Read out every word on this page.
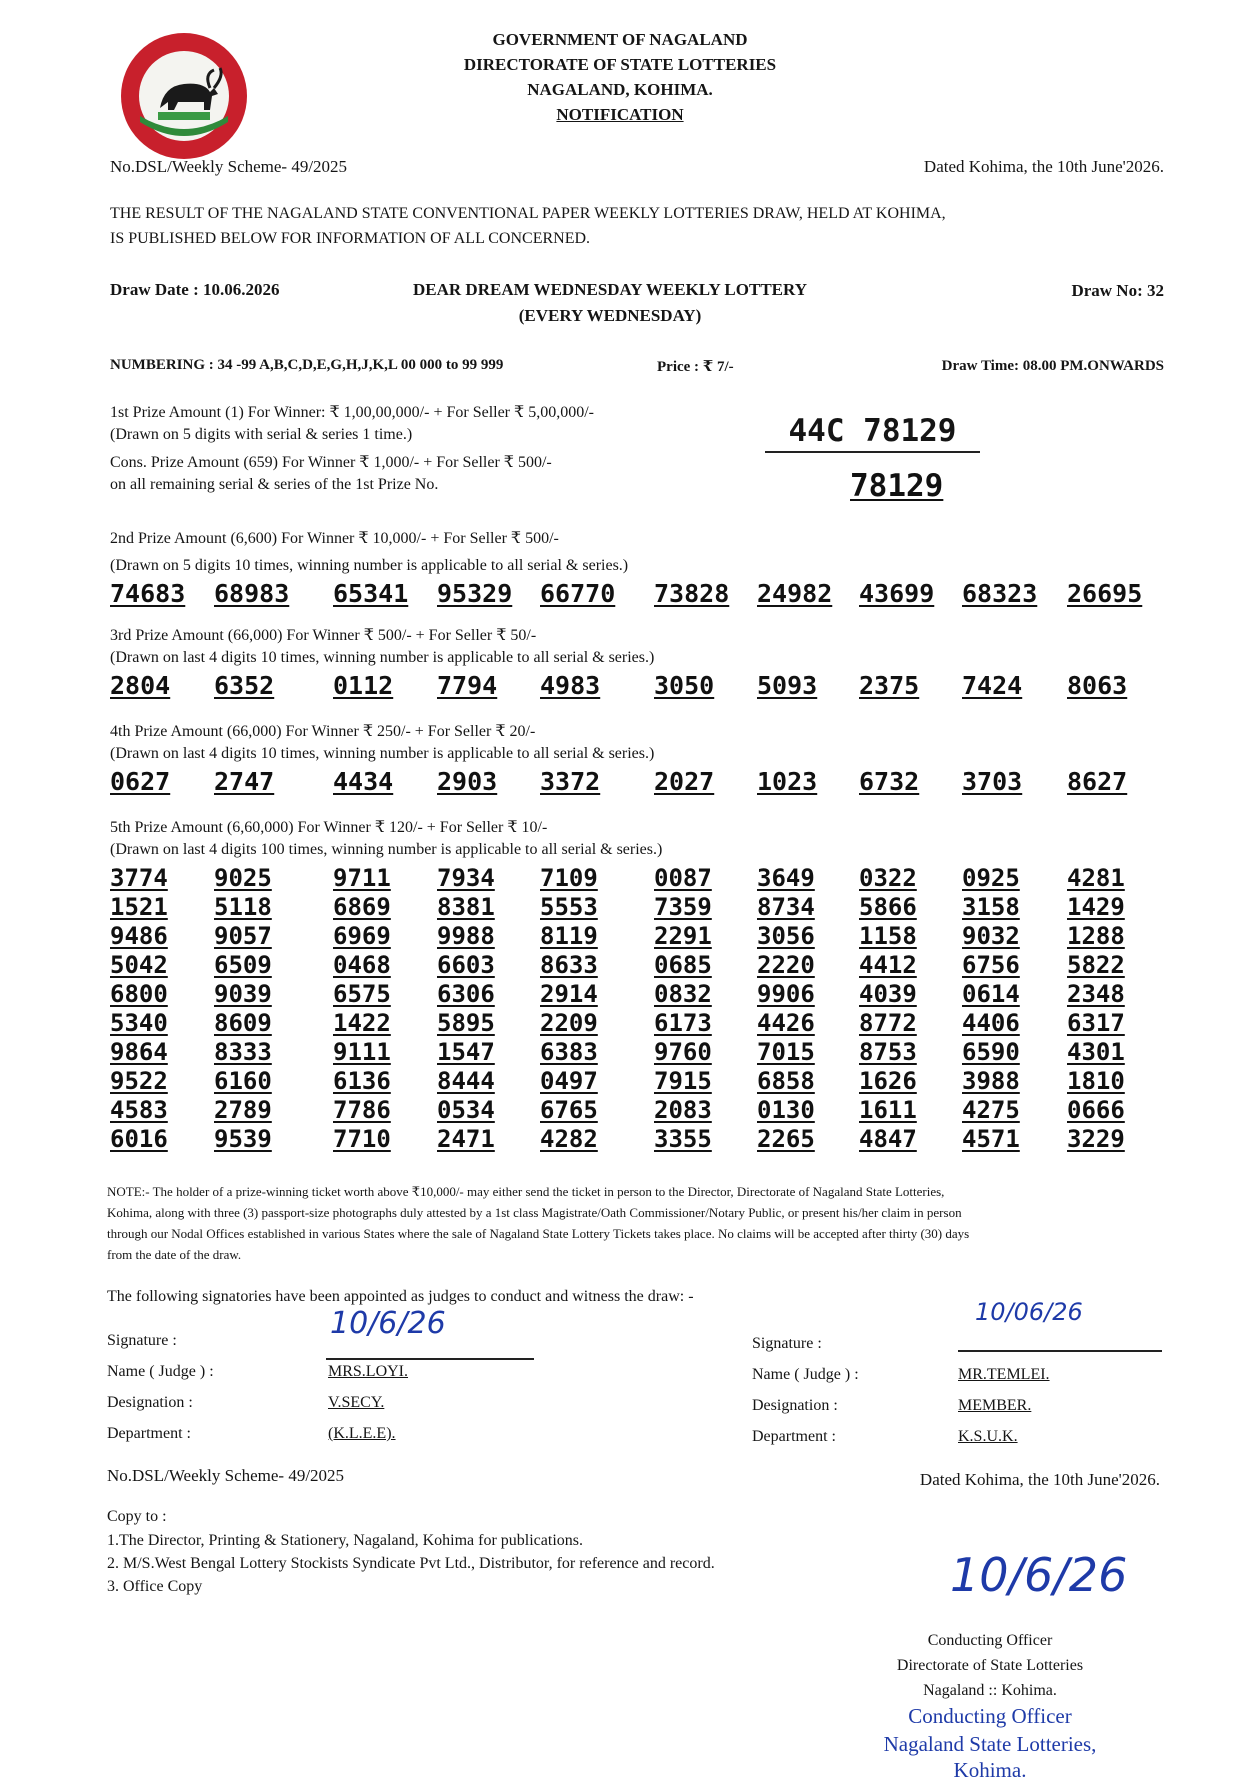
GOVERNMENT OF NAGALAND
DIRECTORATE OF STATE LOTTERIES
NAGALAND, KOHIMA.
NOTIFICATION
No.DSL/Weekly Scheme- 49/2025	Dated Kohima, the 10th June'2026.
THE RESULT OF THE NAGALAND STATE CONVENTIONAL PAPER WEEKLY LOTTERIES DRAW, HELD AT KOHIMA,
IS PUBLISHED BELOW FOR INFORMATION OF ALL CONCERNED.
Draw Date : 10.06.2026	DEAR DREAM WEDNESDAY WEEKLY LOTTERY
(EVERY WEDNESDAY)
Draw No: 32
NUMBERING : 34 -99 A,B,C,D,E,G,H,J,K,L 00 000 to 99 999	Price : ₹ 7/-	Draw Time: 08.00 PM.ONWARDS
1st Prize Amount (1) For Winner: ₹ 1,00,00,000/- + For Seller ₹ 5,00,000/-
(Drawn on 5 digits with serial & series 1 time.)
Cons. Prize Amount (659) For Winner ₹ 1,000/- + For Seller ₹ 500/-
on all remaining serial & series of the 1st Prize No.
44C 78129
78129
2nd Prize Amount (6,600) For Winner ₹ 10,000/- + For Seller ₹ 500/-
(Drawn on 5 digits 10 times, winning number is applicable to all serial & series.)
74683 68983 65341 95329 66770 73828 24982 43699 68323 26695
3rd Prize Amount (66,000) For Winner ₹ 500/- + For Seller ₹ 50/-
(Drawn on last 4 digits 10 times, winning number is applicable to all serial & series.)
2804 6352 0112 7794 4983 3050 5093 2375 7424 8063
4th Prize Amount (66,000) For Winner ₹ 250/- + For Seller ₹ 20/-
(Drawn on last 4 digits 10 times, winning number is applicable to all serial & series.)
0627 2747 4434 2903 3372 2027 1023 6732 3703 8627
5th Prize Amount (6,60,000) For Winner ₹ 120/- + For Seller ₹ 10/-
(Drawn on last 4 digits 100 times, winning number is applicable to all serial & series.)
3774 9025	9711 7934 7109 0087 3649 0322 0925 4281
1521 5118	6869 8381 5553 7359 8734 5866 3158 1429
9486 9057	6969 9988 8119 2291 3056 1158 9032 1288
5042 6509	0468 6603 8633 0685 2220 4412 6756 5822
6800 9039	6575 6306 2914 0832 9906 4039 0614 2348
5340 8609	1422 5895 2209 6173 4426 8772 4406 6317
9864 8333	9111 1547 6383 9760 7015 8753 6590 4301
9522 6160	6136 8444 0497 7915 6858 1626 3988 1810
4583 2789	7786 0534 6765 2083 0130 1611 4275 0666
6016 9539	7710 2471 4282 3355 2265 4847 4571 3229
NOTE:- The holder of a prize-winning ticket worth above ₹10,000/- may either send the ticket in person to the Director, Directorate of Nagaland State Lotteries,
Kohima, along with three (3) passport-size photographs duly attested by a 1st class Magistrate/Oath Commissioner/Notary Public, or present his/her claim in person
through our Nodal Offices established in various States where the sale of Nagaland State Lottery Tickets takes place. No claims will be accepted after thirty (30) days
from the date of the draw.
The following signatories have been appointed as judges to conduct and witness the draw: -
Signature :	10/6/26
Name ( Judge ) :	MRS.LOYI.
Designation :	V.SECY.
Department :	(K.L.E.E).
Signature :
10/06/26
Name ( Judge ) :	MR.TEMLEI.
Designation :	MEMBER.
Department :	K.S.U.K.
No.DSL/Weekly Scheme- 49/2025	Dated Kohima, the 10th June'2026.
Copy to :
1.The Director, Printing & Stationery, Nagaland, Kohima for publications.
2. M/S.West Bengal Lottery Stockists Syndicate Pvt Ltd., Distributor, for reference and record.
3. Office Copy	10/6/26
Conducting Officer
Directorate of State Lotteries
Nagaland :: Kohima.
Conducting Officer
Nagaland State Lotteries,
Kohima.
